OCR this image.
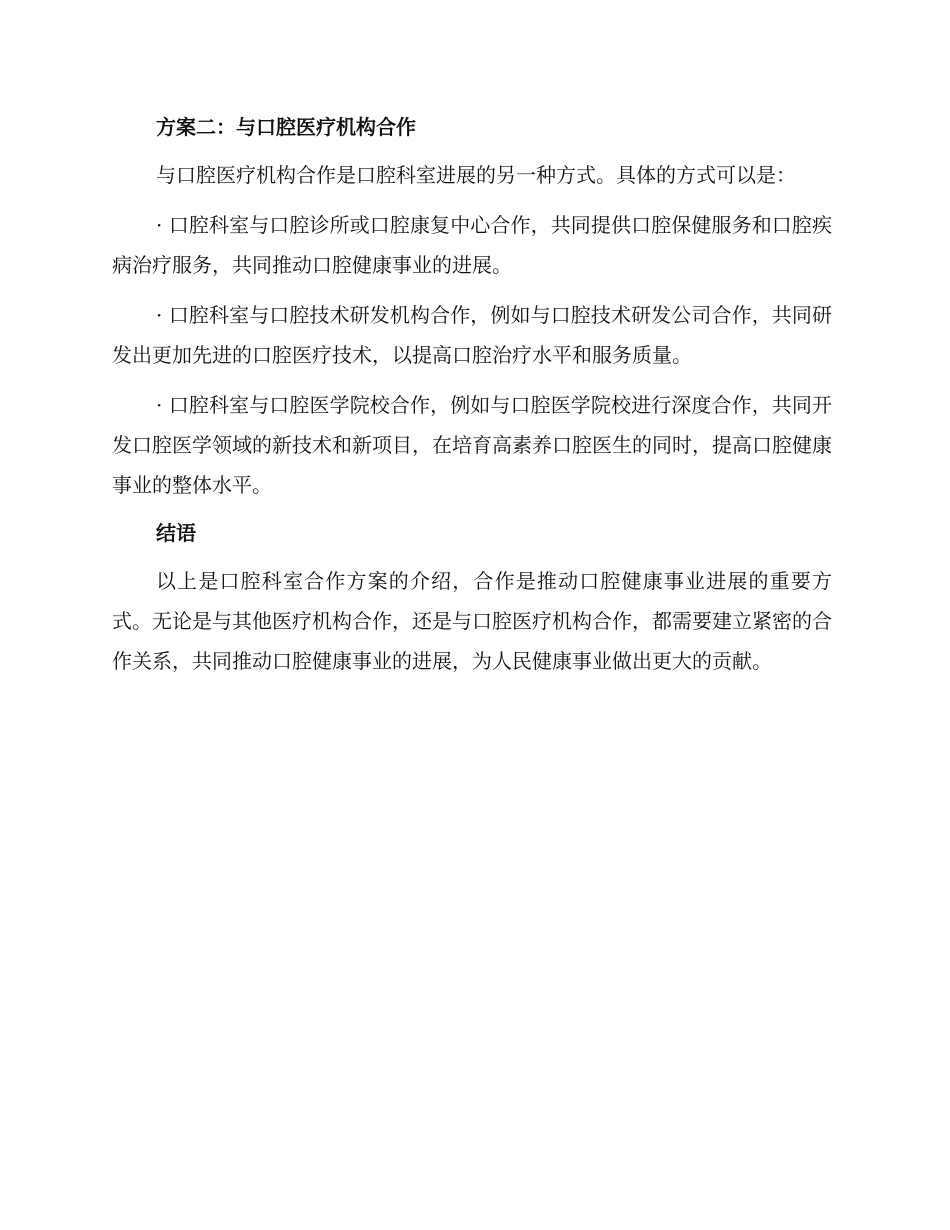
方案二：与口腔医疗机构合作

与口腔医疗机构合作是口腔科室进展的另一种方式。具体的方式可以是：

· 口腔科室与口腔诊所或口腔康复中心合作，共同提供口腔保健服务和口腔疾病治疗服务，共同推动口腔健康事业的进展。

· 口腔科室与口腔技术研发机构合作，例如与口腔技术研发公司合作，共同研发出更加先进的口腔医疗技术，以提高口腔治疗水平和服务质量。

· 口腔科室与口腔医学院校合作，例如与口腔医学院校进行深度合作，共同开发口腔医学领域的新技术和新项目，在培育高素养口腔医生的同时，提高口腔健康事业的整体水平。

结语

以上是口腔科室合作方案的介绍，合作是推动口腔健康事业进展的重要方式。无论是与其他医疗机构合作，还是与口腔医疗机构合作，都需要建立紧密的合作关系，共同推动口腔健康事业的进展，为人民健康事业做出更大的贡献。
